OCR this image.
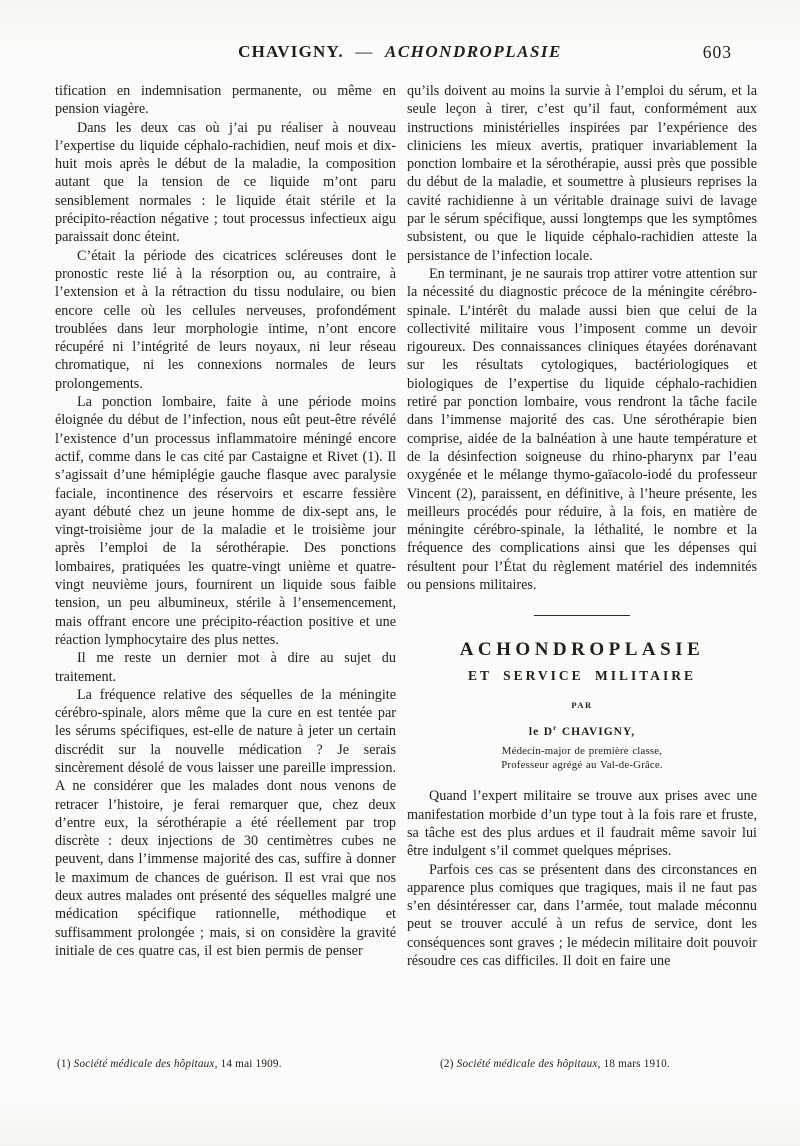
CHAVIGNY. — ACHONDROPLASIE	603

tification en indemnisation permanente, ou même en pension viagère.

Dans les deux cas où j’ai pu réaliser à nouveau l’expertise du liquide céphalo-rachidien, neuf mois et dix-huit mois après le début de la maladie, la composition autant que la tension de ce liquide m’ont paru sensiblement normales : le liquide était stérile et la précipito-réaction négative ; tout processus infectieux aigu paraissait donc éteint.

C’était la période des cicatrices scléreuses dont le pronostic reste lié à la résorption ou, au contraire, à l’extension et à la rétraction du tissu nodulaire, ou bien encore celle où les cellules nerveuses, profondément troublées dans leur morphologie intime, n’ont encore récupéré ni l’intégrité de leurs noyaux, ni leur réseau chromatique, ni les connexions normales de leurs prolongements.

La ponction lombaire, faite à une période moins éloignée du début de l’infection, nous eût peut-être révélé l’existence d’un processus inflammatoire méningé encore actif, comme dans le cas cité par Castaigne et Rivet (1). Il s’agissait d’une hémiplégie gauche flasque avec paralysie faciale, incontinence des réservoirs et escarre fessière ayant débuté chez un jeune homme de dix-sept ans, le vingt-troisième jour de la maladie et le troisième jour après l’emploi de la sérothérapie. Des ponctions lombaires, pratiquées les quatre-vingt unième et quatre-vingt neuvième jours, fournirent un liquide sous faible tension, un peu albumineux, stérile à l’ensemencement, mais offrant encore une précipito-réaction positive et une réaction lymphocytaire des plus nettes.

Il me reste un dernier mot à dire au sujet du traitement.

La fréquence relative des séquelles de la méningite cérébro-spinale, alors même que la cure en est tentée par les sérums spécifiques, est-elle de nature à jeter un certain discrédit sur la nouvelle médication ? Je serais sincèrement désolé de vous laisser une pareille impression. A ne considérer que les malades dont nous venons de retracer l’histoire, je ferai remarquer que, chez deux d’entre eux, la sérothérapie a été réellement par trop discrète : deux injections de 30 centimètres cubes ne peuvent, dans l’immense majorité des cas, suffire à donner le maximum de chances de guérison. Il est vrai que nos deux autres malades ont présenté des séquelles malgré une médication spécifique rationnelle, méthodique et suffisamment prolongée ; mais, si on considère la gravité initiale de ces quatre cas, il est bien permis de penser

qu’ils doivent au moins la survie à l’emploi du sérum, et la seule leçon à tirer, c’est qu’il faut, conformément aux instructions ministérielles inspirées par l’expérience des cliniciens les mieux avertis, pratiquer invariablement la ponction lombaire et la sérothérapie, aussi près que possible du début de la maladie, et soumettre à plusieurs reprises la cavité rachidienne à un véritable drainage suivi de lavage par le sérum spécifique, aussi longtemps que les symptômes subsistent, ou que le liquide céphalo-rachidien atteste la persistance de l’infection locale.

En terminant, je ne saurais trop attirer votre attention sur la nécessité du diagnostic précoce de la méningite cérébro-spinale. L’intérêt du malade aussi bien que celui de la collectivité militaire vous l’imposent comme un devoir rigoureux. Des connaissances cliniques étayées dorénavant sur les résultats cytologiques, bactériologiques et biologiques de l’expertise du liquide céphalo-rachidien retiré par ponction lombaire, vous rendront la tâche facile dans l’immense majorité des cas. Une sérothérapie bien comprise, aidée de la balnéation à une haute température et de la désinfection soigneuse du rhino-pharynx par l’eau oxygénée et le mélange thymo-gaïacolo-iodé du professeur Vincent (2), paraissent, en définitive, à l’heure présente, les meilleurs procédés pour réduire, à la fois, en matière de méningite cérébro-spinale, la léthalité, le nombre et la fréquence des complications ainsi que les dépenses qui résultent pour l’État du règlement matériel des indemnités ou pensions militaires.

ACHONDROPLASIE
ET SERVICE MILITAIRE
PAR
le $D^r$ CHAVIGNY,
Médecin-major de première classe,
Professeur agrégé au Val-de-Grâce.

Quand l’expert militaire se trouve aux prises avec une manifestation morbide d’un type tout à la fois rare et fruste, sa tâche est des plus ardues et il faudrait même savoir lui être indulgent s’il commet quelques méprises.

Parfois ces cas se présentent dans des circonstances en apparence plus comiques que tragiques, mais il ne faut pas s’en désintéresser car, dans l’armée, tout malade méconnu peut se trouver acculé à un refus de service, dont les conséquences sont graves ; le médecin militaire doit pouvoir résoudre ces cas difficiles. Il doit en faire une

(1) Société médicale des hôpitaux, 14 mai 1909.	(2) Société médicale des hôpitaux, 18 mars 1910.
